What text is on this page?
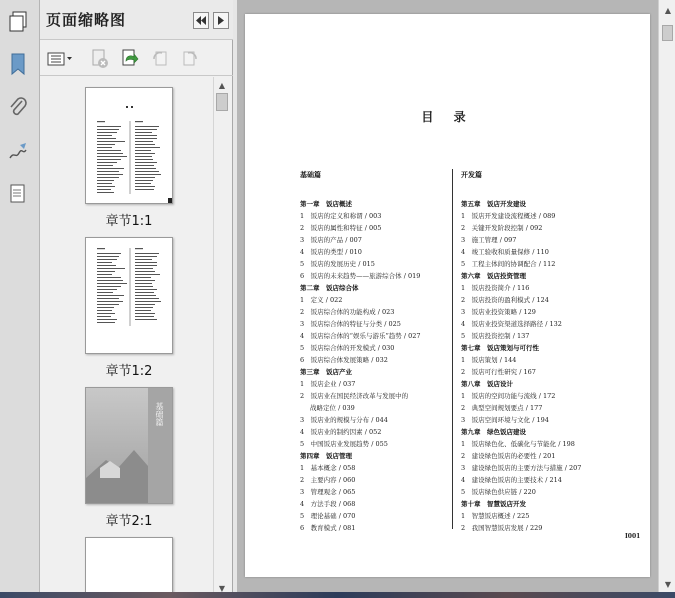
页面缩略图
章节1:1
章节1:2
基础篇
章节2:1
▲
▼
目 录
基础篇
第一章　饭店概述
1　饭店的定义和称谓 / 003
2　饭店的属性和特征 / 005
3　饭店的产品 / 007
4　饭店的类型 / 010
5　饭店的发展历史 / 015
6　饭店的未来趋势——旅游综合体 / 019
第二章　饭店综合体
1　定义 / 022
2　饭店综合体的功能构成 / 023
3　饭店综合体的特征与分类 / 025
4　饭店综合体的“娱乐与游乐”趋势 / 027
5　饭店综合体的开发模式 / 030
6　饭店综合体发展策略 / 032
第三章　饭店产业
1　饭店企业 / 037
2　饭店业在国民经济改革与发展中的
战略定位 / 039
3　饭店业的规模与分布 / 044
4　饭店业的制约因素 / 052
5　中国饭店业发展趋势 / 055
第四章　饭店管理
1　基本概念 / 058
2　主要内容 / 060
3　管理观念 / 065
4　方法手段 / 068
5　理论基础 / 070
6　教育模式 / 081
开发篇
第五章　饭店开发建设
1　饭店开发建设流程概述 / 089
2　关键开发阶段控制 / 092
3　施工管理 / 097
4　竣工验收和质量保修 / 110
5　工程主体间的协调配合 / 112
第六章　饭店投资管理
1　饭店投资简介 / 116
2　饭店投资的盈利模式 / 124
3　饭店业投资策略 / 129
4　饭店业投资渠道选择路径 / 132
5　饭店投资控制 / 137
第七章　饭店策划与可行性
1　饭店策划 / 144
2　饭店可行性研究 / 167
第八章　饭店设计
1　饭店的空间功能与流线 / 172
2　典型空间规划要点 / 177
3　饭店空间环境与文化 / 194
第九章　绿色饭店建设
1　饭店绿色化、低碳化与节能化 / 198
2　建设绿色饭店的必要性 / 201
3　建设绿色饭店的主要方法与措施 / 207
4　建设绿色饭店的主要技术 / 214
5　饭店绿色供应链 / 220
第十章　智慧饭店开发
1　智慧饭店概述 / 225
2　我国智慧饭店发展 / 229
I001
▲
▼
